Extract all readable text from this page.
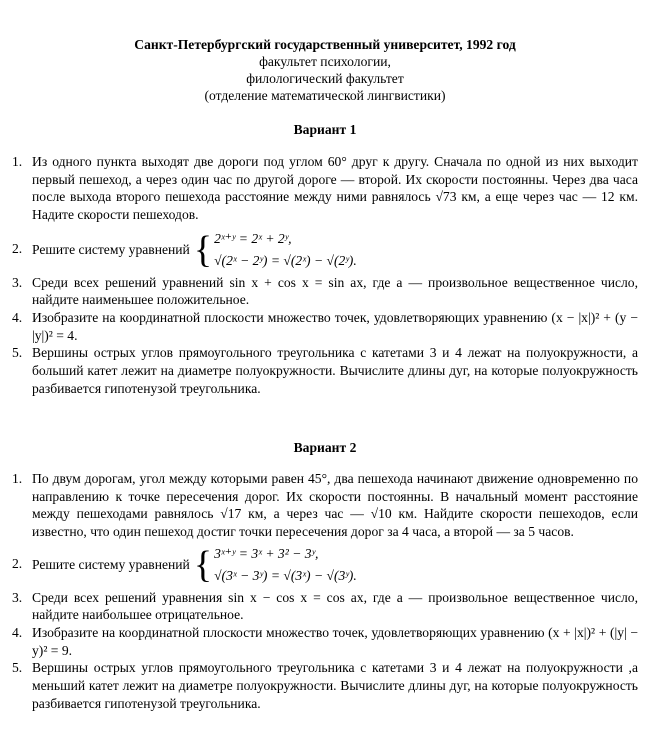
Санкт-Петербургский государственный университет, 1992 год
факультет психологии,
филологический факультет
(отделение математической лингвистики)
Вариант 1
1. Из одного пункта выходят две дороги под углом 60° друг к другу. Сначала по одной из них выходит первый пешеход, а через один час по другой дороге — второй. Их скорости постоянны. Через два часа после выхода второго пешехода расстояние между ними равнялось √73 км, а еще через час — 12 км. Надите скорости пешеходов.
2. Решите систему уравнений { 2ˣ⁺ʸ = 2ˣ + 2ʸ,
√(2ˣ − 2ʸ) = √(2ˣ) − √(2ʸ).
3. Среди всех решений уравнений sin x + cos x = sin ax, где a — произвольное вещественное число, найдите наименьшее положительное.
4. Изобразите на координатной плоскости множество точек, удовлетворяющих уравнению (x − |x|)² + (y − |y|)² = 4.
5. Вершины острых углов прямоугольного треугольника с катетами 3 и 4 лежат на полуокружности, а больший катет лежит на диаметре полуокружности. Вычислите длины дуг, на которые полуокружность разбивается гипотенузой треугольника.
Вариант 2
1. По двум дорогам, угол между которыми равен 45°, два пешехода начинают движение одновременно по направлению к точке пересечения дорог. Их скорости постоянны. В начальный момент расстояние между пешеходами равнялось √17 км, а через час — √10 км. Найдите скорости пешеходов, если известно, что один пешеход достиг точки пересечения дорог за 4 часа, а второй — за 5 часов.
2. Решите систему уравнений { 3ˣ⁺ʸ = 3ˣ + 3² − 3ʸ,
√(3ˣ − 3ʸ) = √(3ˣ) − √(3ʸ).
3. Среди всех решений уравнения sin x − cos x = cos ax, где a — произвольное вещественное число, найдите наибольшее отрицательное.
4. Изобразите на координатной плоскости множество точек, удовлетворяющих уравнению (x + |x|)² + (|y| − y)² = 9.
5. Вершины острых углов прямоугольного треугольника с катетами 3 и 4 лежат на полуокружности ,а меньший катет лежит на диаметре полуокружности. Вычислите длины дуг, на которые полуокружность разбивается гипотенузой треугольника.
